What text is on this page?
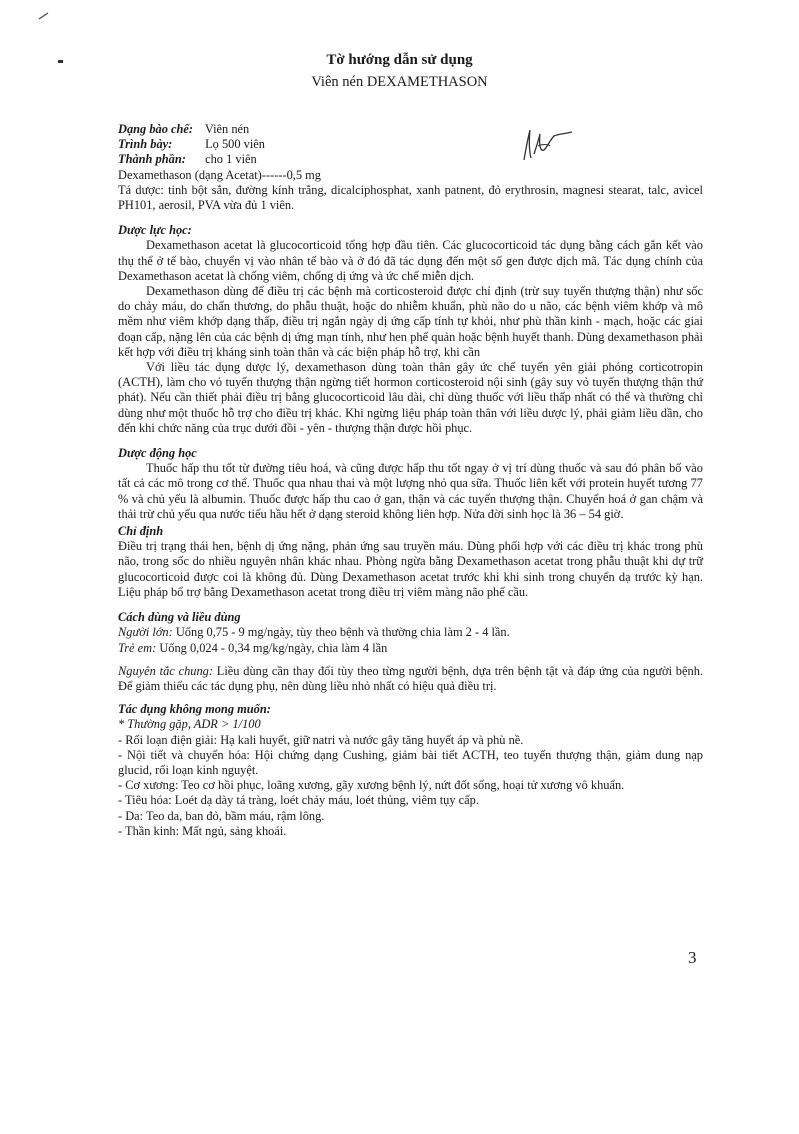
Tờ hướng dẫn sử dụng
Viên nén DEXAMETHASON
Dạng bào chế: Viên nén
Trình bày:	Lọ 500 viên
Thành phần: cho 1 viên

Dexamethason (dạng Acetat)------0,5 mg

Tá dược: tinh bột sắn, đường kính trắng, dicalciphosphat, xanh patnent, đỏ erythrosin, magnesi stearat, talc, avicel PH101, aerosil, PVA vừa đủ 1 viên.

Dược lực học:

Dexamethason acetat là glucocorticoid tổng hợp đầu tiên. Các glucocorticoid tác dụng bằng cách gắn kết vào thụ thể ở tế bào, chuyển vị vào nhân tế bào và ở đó đã tác dụng đến một số gen được dịch mã. Tác dụng chính của Dexamethason acetat là chống viêm, chống dị ứng và ức chế miễn dịch.

Dexamethason dùng để điều trị các bệnh mà corticosteroid được chỉ định (trừ suy tuyến thượng thận) như sốc do chảy máu, do chấn thương, do phẫu thuật, hoặc do nhiễm khuẩn, phù não do u não, các bệnh viêm khớp và mô mềm như viêm khớp dạng thấp, điều trị ngắn ngày dị ứng cấp tính tự khỏi, như phù thần kinh - mạch, hoặc các giai đoạn cấp, nặng lên của các bệnh dị ứng mạn tính, như hen phế quản hoặc bệnh huyết thanh. Dùng dexamethason phải kết hợp với điều trị kháng sinh toàn thân và các biện pháp hỗ trợ, khi cần

Với liều tác dụng dược lý, dexamethason dùng toàn thân gây ức chế tuyến yên giải phóng corticotropin (ACTH), làm cho vỏ tuyến thượng thận ngừng tiết hormon corticosteroid nội sinh (gây suy vỏ tuyến thượng thận thứ phát). Nếu cần thiết phải điều trị bằng glucocorticoid lâu dài, chỉ dùng thuốc với liều thấp nhất có thể và thường chỉ dùng như một thuốc hỗ trợ cho điều trị khác. Khi ngừng liệu pháp toàn thân với liều dược lý, phải giảm liều dần, cho đến khi chức năng của trục dưới đồi - yên - thượng thận được hồi phục.

Dược động học

Thuốc hấp thu tốt từ đường tiêu hoá, và cũng được hấp thu tốt ngay ở vị trí dùng thuốc và sau đó phân bố vào tất cả các mô trong cơ thể. Thuốc qua nhau thai và một lượng nhỏ qua sữa. Thuốc liên kết với protein huyết tương 77 % và chủ yếu là albumin. Thuốc được hấp thu cao ở gan, thận và các tuyến thượng thận. Chuyển hoá ở gan chậm và thải trừ chủ yếu qua nước tiểu hầu hết ở dạng steroid không liên hợp. Nửa đời sinh học là 36 – 54 giờ.

Chỉ định

Điều trị trạng thái hen, bệnh dị ứng nặng, phản ứng sau truyền máu. Dùng phối hợp với các điều trị khác trong phù não, trong sốc do nhiều nguyên nhân khác nhau. Phòng ngừa bằng Dexamethason acetat trong phẫu thuật khi dự trữ glucocorticoid được coi là không đủ. Dùng Dexamethason acetat trước khi khi sinh trong chuyển dạ trước kỳ hạn. Liệu pháp bổ trợ bằng Dexamethason acetat trong điều trị viêm màng não phế cầu.

Cách dùng và liều dùng

Người lớn: Uống 0,75 - 9 mg/ngày, tùy theo bệnh và thường chia làm 2 - 4 lần.

Trẻ em: Uống 0,024 - 0,34 mg/kg/ngày, chia làm 4 lần

Nguyên tắc chung: Liều dùng cần thay đổi tùy theo từng người bệnh, dựa trên bệnh tật và đáp ứng của người bệnh. Để giảm thiểu các tác dụng phụ, nên dùng liều nhỏ nhất có hiệu quả điều trị.

Tác dụng không mong muốn:

* Thường gặp, ADR > 1/100

- Rối loạn điện giải: Hạ kali huyết, giữ natri và nước gây tăng huyết áp và phù nề.

- Nội tiết và chuyển hóa: Hội chứng dạng Cushing, giảm bài tiết ACTH, teo tuyến thượng thận, giảm dung nạp glucid, rối loạn kinh nguyệt.

- Cơ xương: Teo cơ hồi phục, loãng xương, gãy xương bệnh lý, nứt đốt sống, hoại tử xương vô khuẩn.

- Tiêu hóa: Loét dạ dày tá tràng, loét chảy máu, loét thủng, viêm tụy cấp.

- Da: Teo da, ban đỏ, bầm máu, rậm lông.

- Thần kinh: Mất ngủ, sảng khoái.

3
